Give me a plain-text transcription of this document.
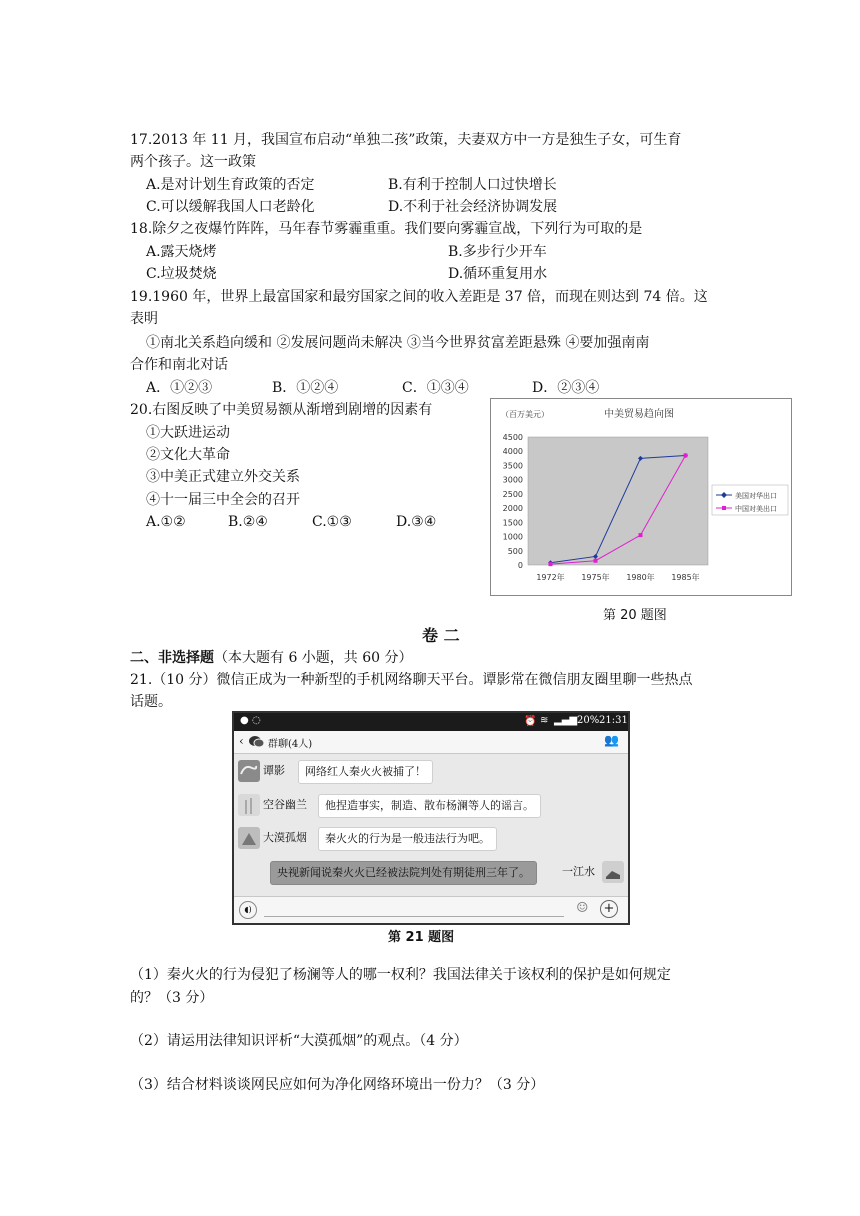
17.2013 年 11 月，我国宣布启动“单独二孩”政策，夫妻双方中一方是独生子女，可生育
两个孩子。这一政策
A.是对计划生育政策的否定	B.有利于控制人口过快增长
C.可以缓解我国人口老龄化	D.不利于社会经济协调发展
18.除夕之夜爆竹阵阵，马年春节雾霾重重。我们要向雾霾宣战，下列行为可取的是
A.露天烧烤	B.多步行少开车
C.垃圾焚烧	D.循环重复用水
19.1960 年，世界上最富国家和最穷国家之间的收入差距是 37 倍，而现在则达到 74 倍。这
表明
①南北关系趋向缓和 ②发展问题尚未解决 ③当今世界贫富差距悬殊 ④要加强南南
合作和南北对话
A．①②③	B．①②④	C．①③④	D．②③④
20.右图反映了中美贸易额从渐增到剧增的因素有
①大跃进运动
②文化大革命
③中美正式建立外交关系
④十一届三中全会的召开
A.①②	B.②④	C.①③	D.③④
（百万美元）	中美贸易趋向图
0
500
1000
1500
2000
2500
3000
3500
4000
4500
1972年 1975年 1980年 1985年
美国对华出口
中国对美出口
第 20 题图
卷 二
二、非选择题（本大题有 6 小题，共 60 分）
21.（10 分）微信正成为一种新型的手机网络聊天平台。谭影常在微信朋友圈里聊一些热点
话题。
● ◌	⏰ ≋ ▂▄▆ 20% 21:31
‹ 群聊(4人)	👥
谭影	网络红人秦火火被捕了！
空谷幽兰	他捏造事实，制造、散布杨澜等人的谣言。
大漠孤烟	秦火火的行为是一般违法行为吧。
央视新闻说秦火火已经被法院判处有期徒刑三年了。	一江水
◖)	☺ +
第 21 题图
（1）秦火火的行为侵犯了杨澜等人的哪一权利？我国法律关于该权利的保护是如何规定
的？（3 分）
（2）请运用法律知识评析“大漠孤烟”的观点。（4 分）
（3）结合材料谈谈网民应如何为净化网络环境出一份力？（3 分）
